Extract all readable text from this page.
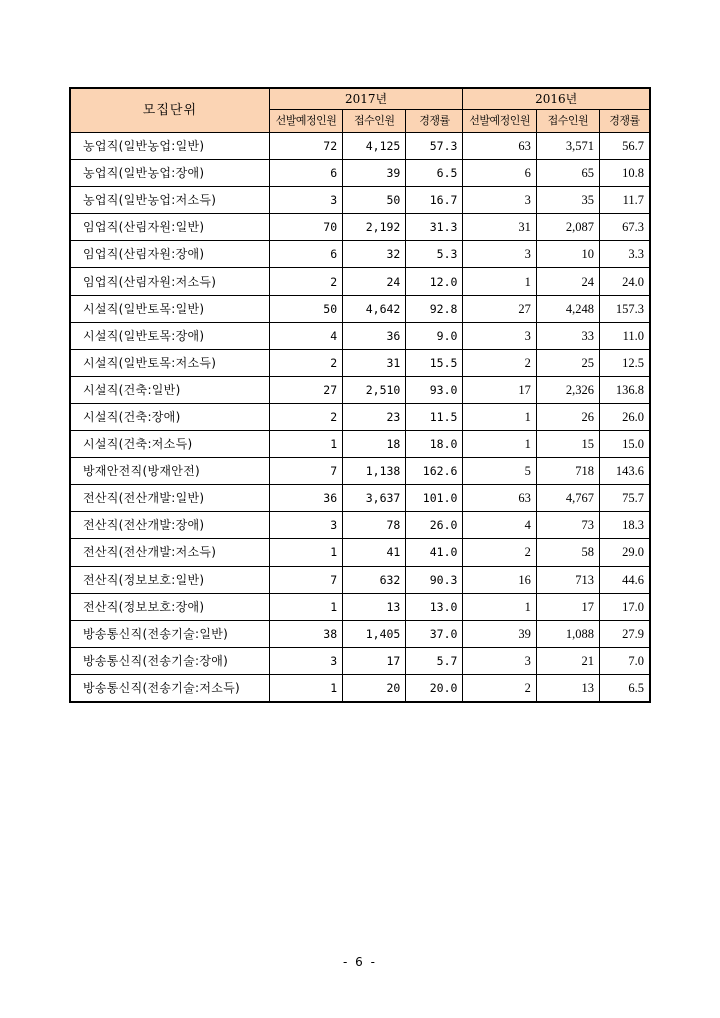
모집단위	2017년			2016년		
	선발예정인원	접수인원	경쟁률	선발예정인원	접수인원	경쟁률
농업직(일반농업:일반)	72	4,125	57.3	63	3,571	56.7
농업직(일반농업:장애)	6	39	6.5	6	65	10.8
농업직(일반농업:저소득)	3	50	16.7	3	35	11.7
임업직(산림자원:일반)	70	2,192	31.3	31	2,087	67.3
임업직(산림자원:장애)	6	32	5.3	3	10	3.3
임업직(산림자원:저소득)	2	24	12.0	1	24	24.0
시설직(일반토목:일반)	50	4,642	92.8	27	4,248	157.3
시설직(일반토목:장애)	4	36	9.0	3	33	11.0
시설직(일반토목:저소득)	2	31	15.5	2	25	12.5
시설직(건축:일반)	27	2,510	93.0	17	2,326	136.8
시설직(건축:장애)	2	23	11.5	1	26	26.0
시설직(건축:저소득)	1	18	18.0	1	15	15.0
방재안전직(방재안전)	7	1,138	162.6	5	718	143.6
전산직(전산개발:일반)	36	3,637	101.0	63	4,767	75.7
전산직(전산개발:장애)	3	78	26.0	4	73	18.3
전산직(전산개발:저소득)	1	41	41.0	2	58	29.0
전산직(정보보호:일반)	7	632	90.3	16	713	44.6
전산직(정보보호:장애)	1	13	13.0	1	17	17.0
방송통신직(전송기술:일반)	38	1,405	37.0	39	1,088	27.9
방송통신직(전송기술:장애)	3	17	5.7	3	21	7.0
방송통신직(전송기술:저소득)	1	20	20.0	2	13	6.5
- 6 -
